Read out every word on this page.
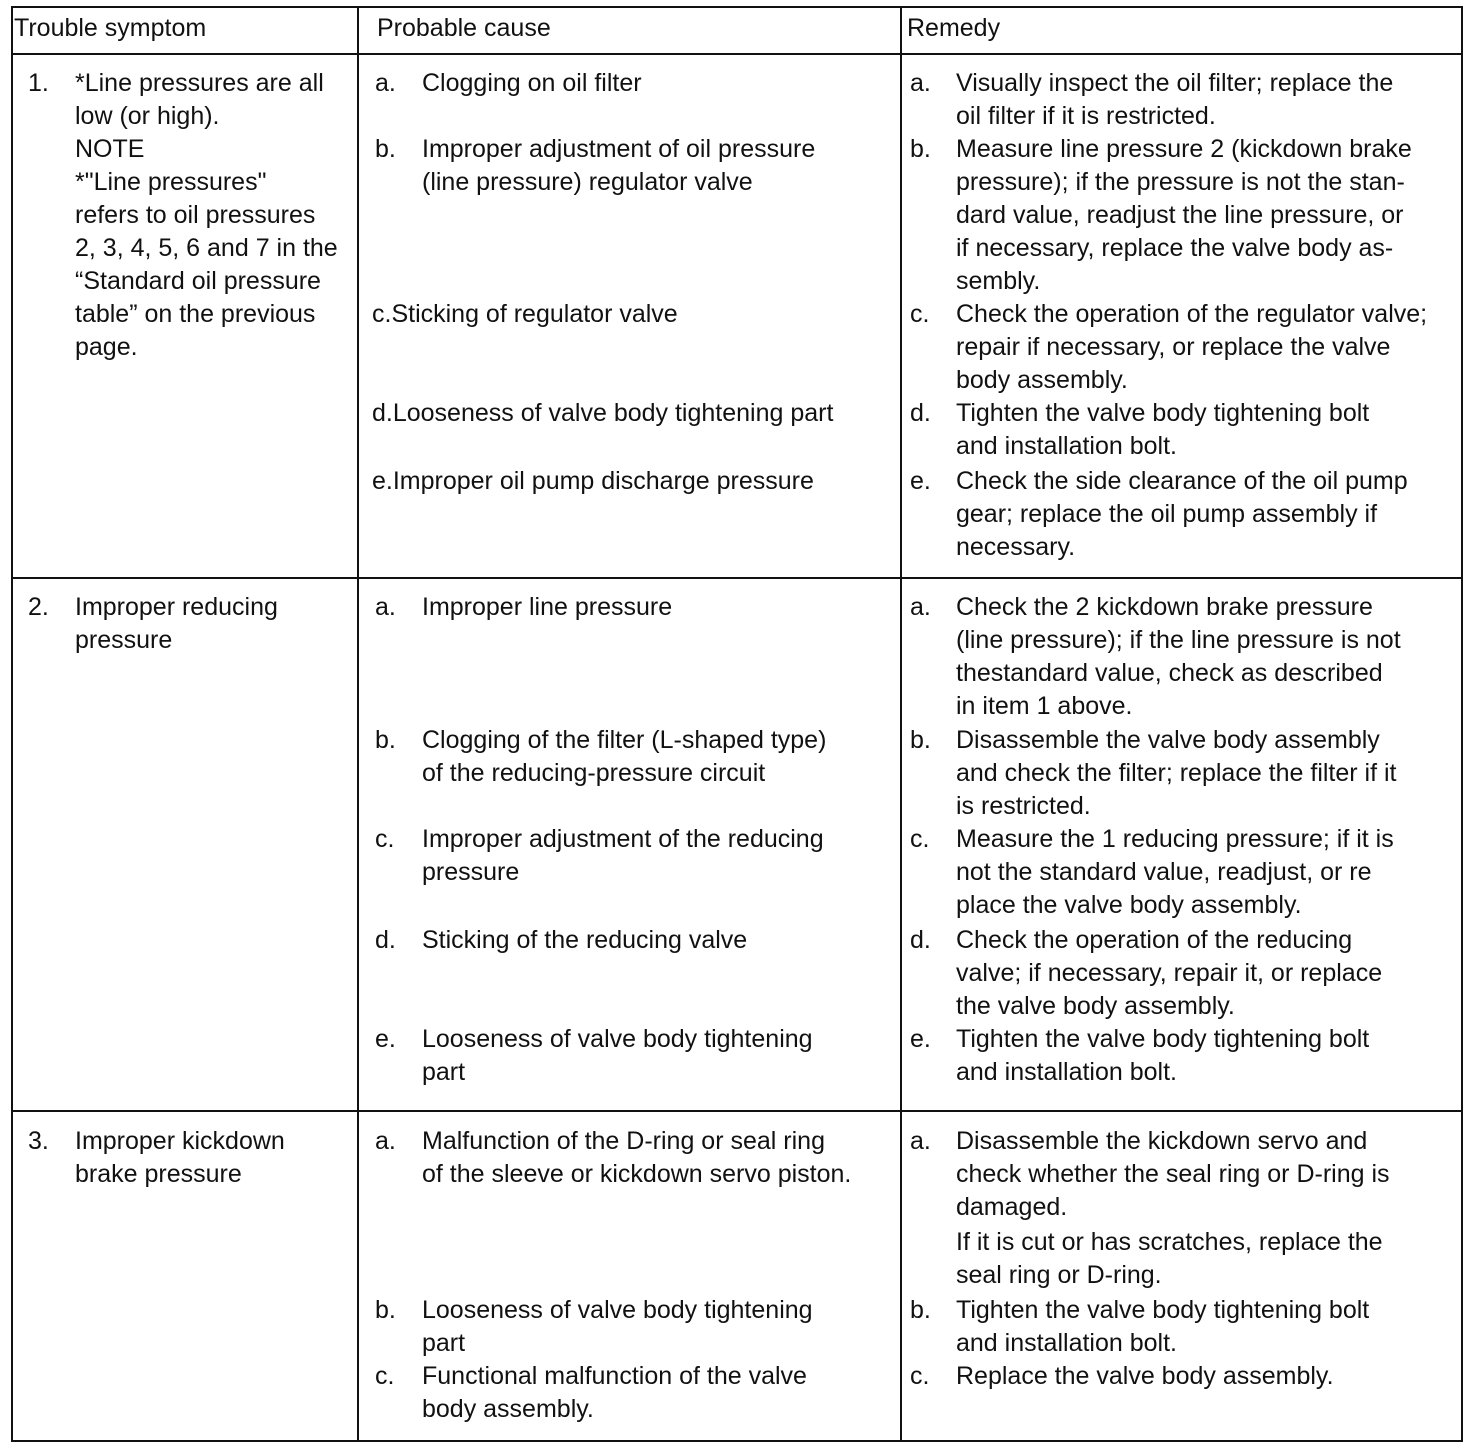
Trouble symptom	Probable cause	Remedy
1. *Line pressures are all
low (or high).
NOTE
*"Line pressures"
refers to oil pressures
2, 3, 4, 5, 6 and 7 in the
“Standard oil pressure
table” on the previous
page.
a. Clogging on oil filter
b. Improper adjustment of oil pressure
(line pressure) regulator valve
c.Sticking of regulator valve
d.Looseness of valve body tightening part
e.Improper oil pump discharge pressure
a. Visually inspect the oil filter; replace the
oil filter if it is restricted.
b. Measure line pressure 2 (kickdown brake
pressure); if the pressure is not the stan-
dard value, readjust the line pressure, or
if necessary, replace the valve body as-
sembly.
c. Check the operation of the regulator valve;
repair if necessary, or replace the valve
body assembly.
d. Tighten the valve body tightening bolt
and installation bolt.
e. Check the side clearance of the oil pump
gear; replace the oil pump assembly if
necessary.
2. Improper reducing
pressure
a. Improper line pressure
b. Clogging of the filter (L-shaped type)
of the reducing-pressure circuit
c. Improper adjustment of the reducing
pressure
d. Sticking of the reducing valve
e. Looseness of valve body tightening
part
a. Check the 2 kickdown brake pressure
(line pressure); if the line pressure is not
thestandard value, check as described
in item 1 above.
b. Disassemble the valve body assembly
and check the filter; replace the filter if it
is restricted.
c. Measure the 1 reducing pressure; if it is
not the standard value, readjust, or re
place the valve body assembly.
d. Check the operation of the reducing
valve; if necessary, repair it, or replace
the valve body assembly.
e. Tighten the valve body tightening bolt
and installation bolt.
3. Improper kickdown
brake pressure
a. Malfunction of the D-ring or seal ring
of the sleeve or kickdown servo piston.
b. Looseness of valve body tightening
part
c. Functional malfunction of the valve
body assembly.
a. Disassemble the kickdown servo and
check whether the seal ring or D-ring is
damaged.
If it is cut or has scratches, replace the
seal ring or D-ring.
b. Tighten the valve body tightening bolt
and installation bolt.
c. Replace the valve body assembly.
